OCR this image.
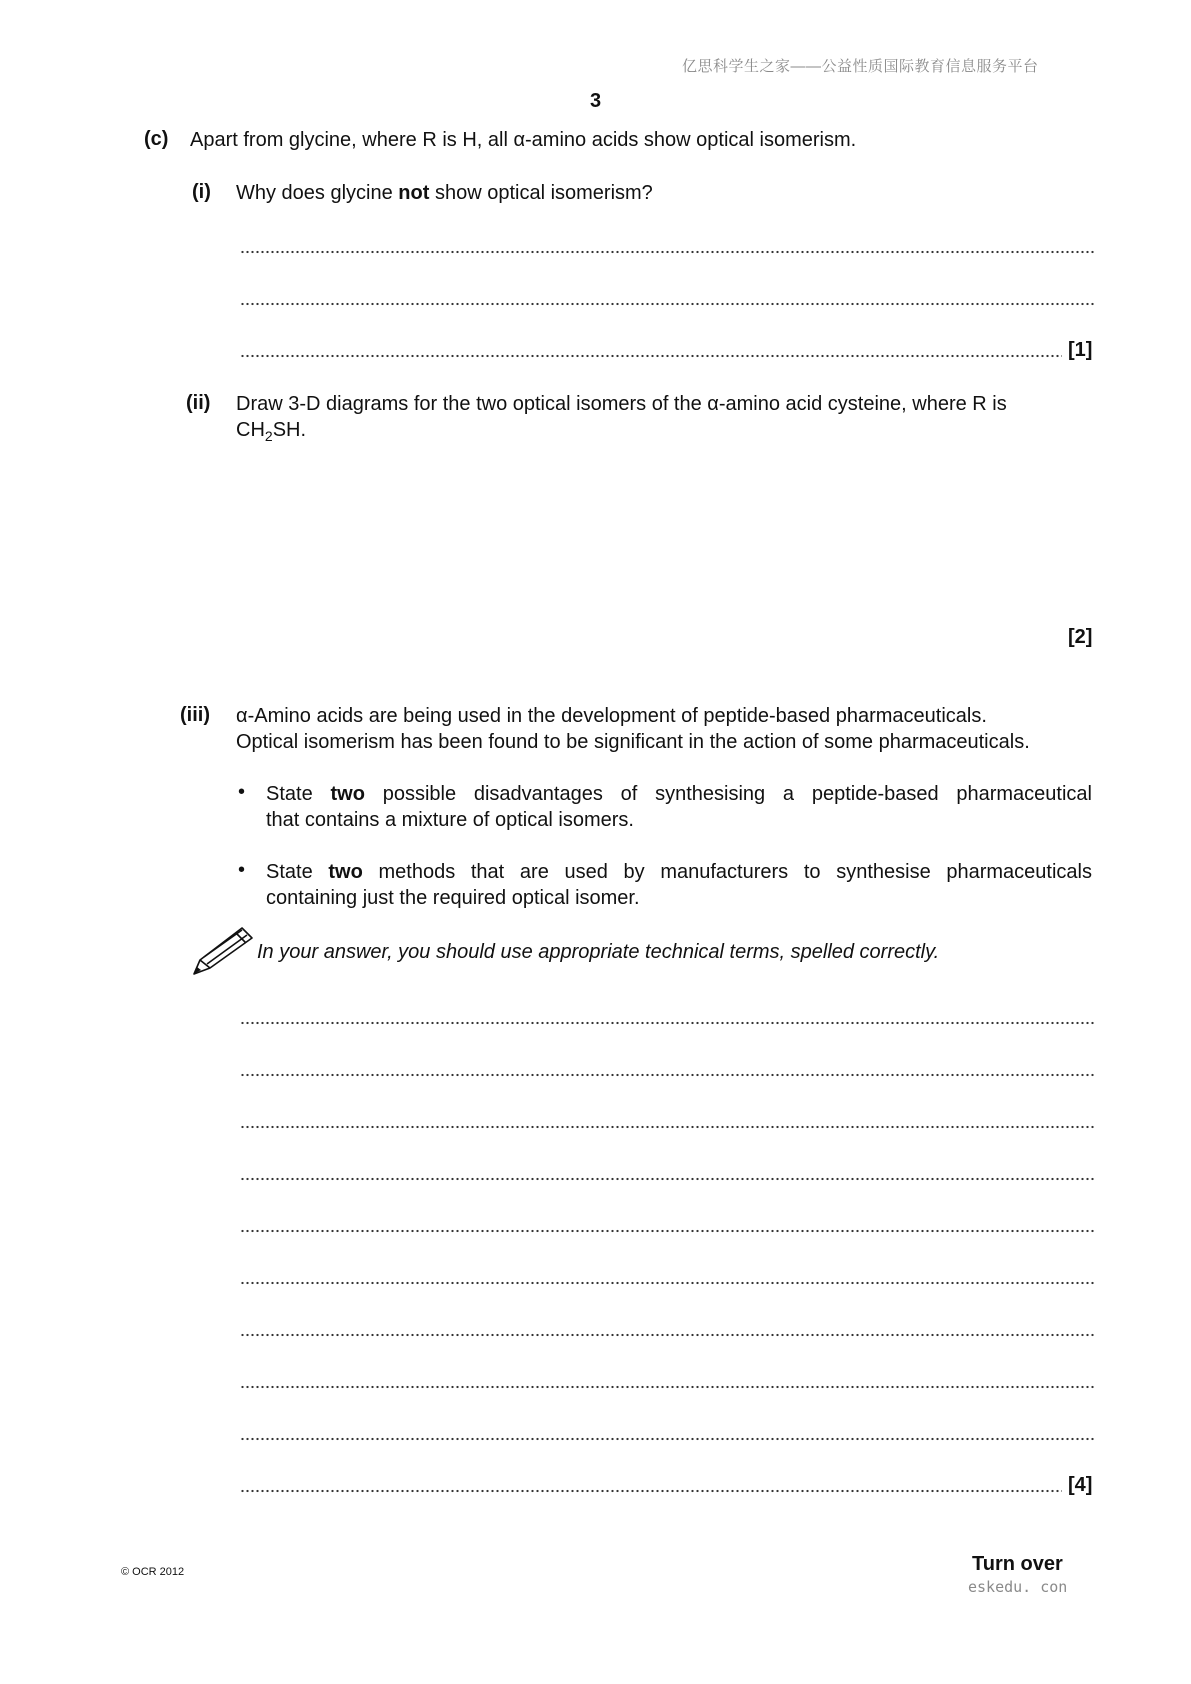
亿思科学生之家——公益性质国际教育信息服务平台
3
(c) Apart from glycine, where R is H, all α-amino acids show optical isomerism.
(i) Why does glycine not show optical isomerism?
[1]
(ii) Draw 3-D diagrams for the two optical isomers of the α-amino acid cysteine, where R is
$CH_2SH$.
[2]
(iii) α-Amino acids are being used in the development of peptide-based pharmaceuticals.
Optical isomerism has been found to be significant in the action of some pharmaceuticals.
• State two possible disadvantages of synthesising a peptide-based pharmaceutical
that contains a mixture of optical isomers.
• State two methods that are used by manufacturers to synthesise pharmaceuticals
containing just the required optical isomer.
In your answer, you should use appropriate technical terms, spelled correctly.
[4]
© OCR 2012	Turn over
eskedu. con
